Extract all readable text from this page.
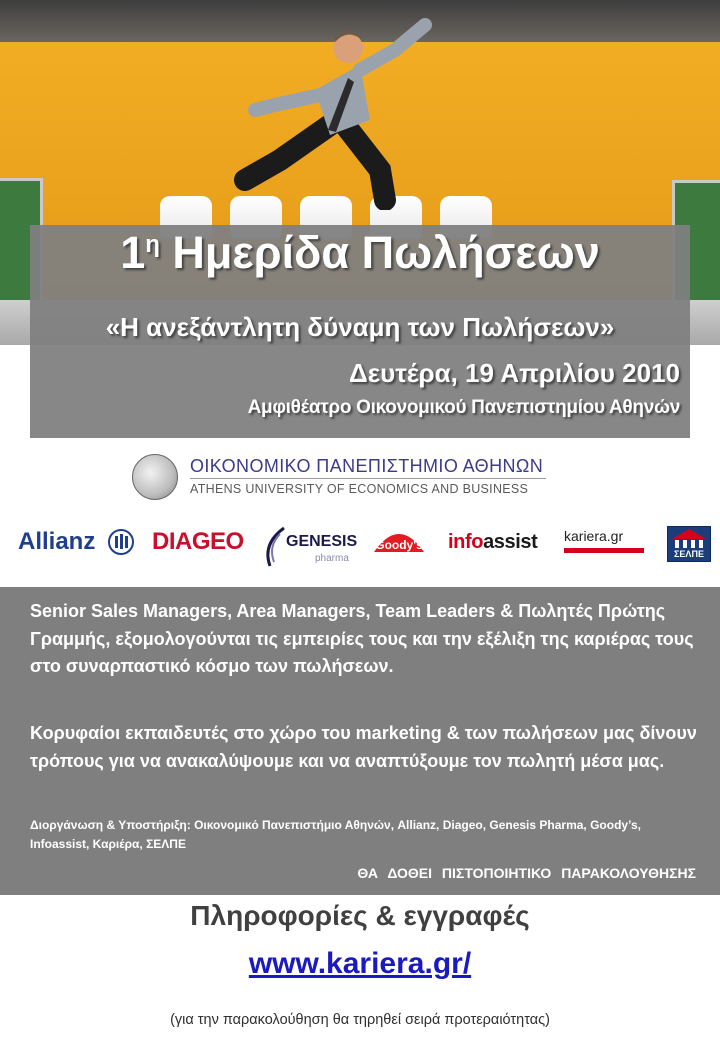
$1^\eta$ Ημερίδα Πωλήσεων
«Η ανεξάντλητη δύναμη των Πωλήσεων»
Δευτέρα, 19 Απριλίου 2010
Αμφιθέατρο Οικονομικού Πανεπιστημίου Αθηνών
ΟΙΚΟΝΟΜΙΚΟ ΠΑΝΕΠΙΣΤΗΜΙΟ ΑΘΗΝΩΝ
ATHENS UNIVERSITY OF ECONOMICS AND BUSINESS
Allianz DIAGEO	GENESIS
pharma
Goody's infoassist kariera.gr
ΣΕΛΠΕ

Senior Sales Managers, Area Managers, Team Leaders & Πωλητές Πρώτης Γραμμής, εξομολογούνται τις εμπειρίες τους και την εξέλιξη της καριέρας τους στο συναρπαστικό κόσμο των πωλήσεων.

Κορυφαίοι εκπαιδευτές στο χώρο του marketing & των πωλήσεων μας δίνουν τρόπους για να ανακαλύψουμε και να αναπτύξουμε τον πωλητή μέσα μας.

Διοργάνωση & Υποστήριξη: Οικονομικό Πανεπιστήμιο Αθηνών, Allianz, Diageo, Genesis Pharma, Goody’s, Infoassist, Καριέρα, ΣΕΛΠΕ

ΘΑ ΔΟΘΕΙ ΠΙΣΤΟΠΟΙΗΤΙΚΟ ΠΑΡΑΚΟΛΟΥΘΗΣΗΣ
Πληροφορίες & εγγραφές
www.kariera.gr/
(για την παρακολούθηση θα τηρηθεί σειρά προτεραιότητας)
